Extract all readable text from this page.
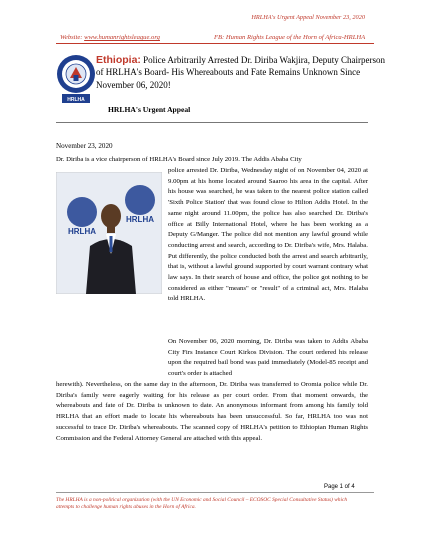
HRLHA's Urgent Appeal November 23, 2020
Website: www.humanrightsleague.org	FB: Human Rights League of the Horn of Africa-HRLHA
HRLHA
Ethiopia: Police Arbitrarily Arrested Dr. Diriba Wakjira, Deputy Chairperson of HRLHA's Board- His Whereabouts and Fate Remains Unknown Since November 06, 2020!
HRLHA's Urgent Appeal
November 23, 2020
Dr. Diriba is a vice chairperson of HRLHA's Board since July 2019. The Addis Ababa City
HRLHA
HRLHA
police arrested Dr. Diriba, Wednesday night of on November 04, 2020 at 9.00pm at his home located around Saaroo his area in the capital. After his house was searched, he was taken to the nearest police station called 'Sixth Police Station' that was found close to Hilton Addis Hotel. In the same night around 11.00pm, the police has also searched Dr. Diriba's office at Billy International Hotel, where he has been working as a Deputy G/Manger. The police did not mention any lawful ground while conducting arrest and search, according to Dr. Diriba's wife, Mrs. Halaba. Put differently, the police conducted both the arrest and search arbitrarily, that is, without a lawful ground supported by court warrant contrary what law says. In their search of house and office, the police got nothing to be considered as either "means" or "result" of a criminal act, Mrs. Halaba told HRLHA.
On November 06, 2020 morning, Dr. Diriba was taken to Addis Ababa City Firs Instance Court Kirkos Division. The court ordered his release upon the required bail bond was paid immediately (Model-85 receipt and court's order is attached
herewith). Nevertheless, on the same day in the afternoon, Dr. Diriba was transferred to Oromia police while Dr. Diriba's family were eagerly waiting for his release as per court order. From that moment onwards, the whereabouts and fate of Dr. Diriba is unknown to date. An anonymous informant from among his family told HRLHA that an effort made to locate his whereabouts has been unsuccessful. So far, HRLHA too was not successful to trace Dr. Diriba's whereabouts. The scanned copy of HRLHA's petition to Ethiopian Human Rights Commission and the Federal Attorney General are attached with this appeal.
Page 1 of 4
The HRLHA is a non-political organization (with the UN Economic and Social Council – ECOSOC Special Consultative Status) which attempts to challenge human rights abuses in the Horn of Africa.
